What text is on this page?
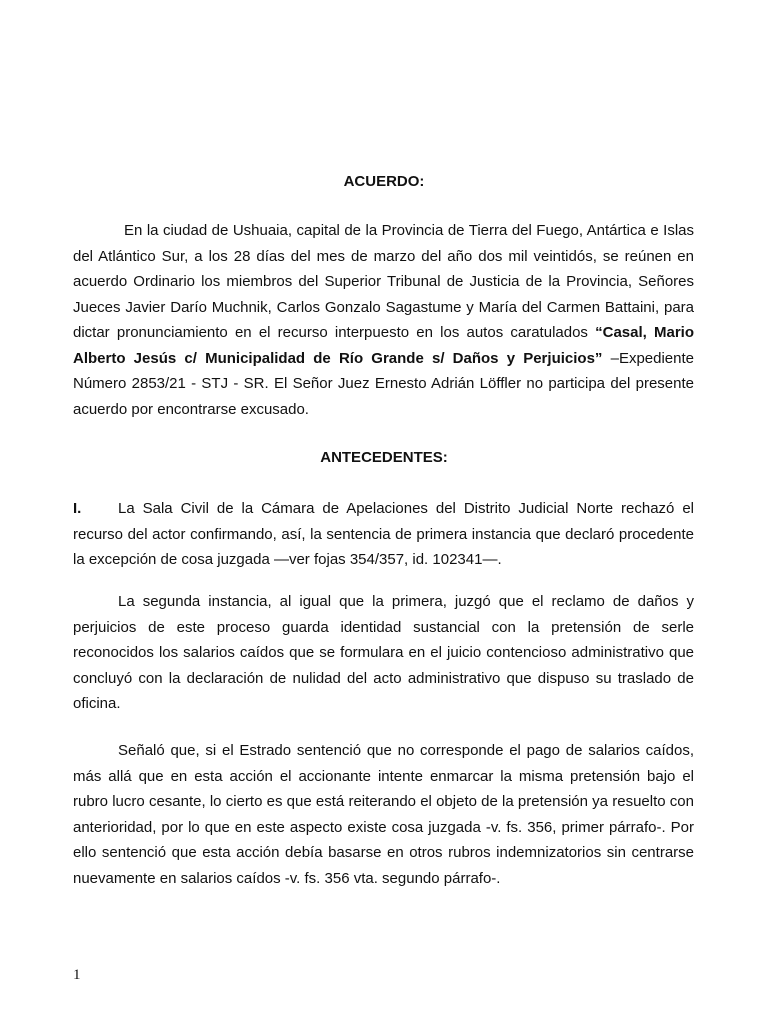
ACUERDO:

En la ciudad de Ushuaia, capital de la Provincia de Tierra del Fuego, Antártica e Islas del Atlántico Sur, a los 28 días del mes de marzo del año dos mil veintidós, se reúnen en acuerdo Ordinario los miembros del Superior Tribunal de Justicia de la Provincia, Señores Jueces Javier Darío Muchnik, Carlos Gonzalo Sagastume y María del Carmen Battaini, para dictar pronunciamiento en el recurso interpuesto en los autos caratulados “Casal, Mario Alberto Jesús c/ Municipalidad de Río Grande s/ Daños y Perjuicios” –Expediente Número 2853/21 - STJ - SR. El Señor Juez Ernesto Adrián Löffler no participa del presente acuerdo por encontrarse excusado.

ANTECEDENTES:

I. La Sala Civil de la Cámara de Apelaciones del Distrito Judicial Norte rechazó el recurso del actor confirmando, así, la sentencia de primera instancia que declaró procedente la excepción de cosa juzgada —ver fojas 354/357, id. 102341—.

La segunda instancia, al igual que la primera, juzgó que el reclamo de daños y perjuicios de este proceso guarda identidad sustancial con la pretensión de serle reconocidos los salarios caídos que se formulara en el juicio contencioso administrativo que concluyó con la declaración de nulidad del acto administrativo que dispuso su traslado de oficina.

Señaló que, si el Estrado sentenció que no corresponde el pago de salarios caídos, más allá que en esta acción el accionante intente enmarcar la misma pretensión bajo el rubro lucro cesante, lo cierto es que está reiterando el objeto de la pretensión ya resuelto con anterioridad, por lo que en este aspecto existe cosa juzgada -v. fs. 356, primer párrafo-. Por ello sentenció que esta acción debía basarse en otros rubros indemnizatorios sin centrarse nuevamente en salarios caídos -v. fs. 356 vta. segundo párrafo-.

1
